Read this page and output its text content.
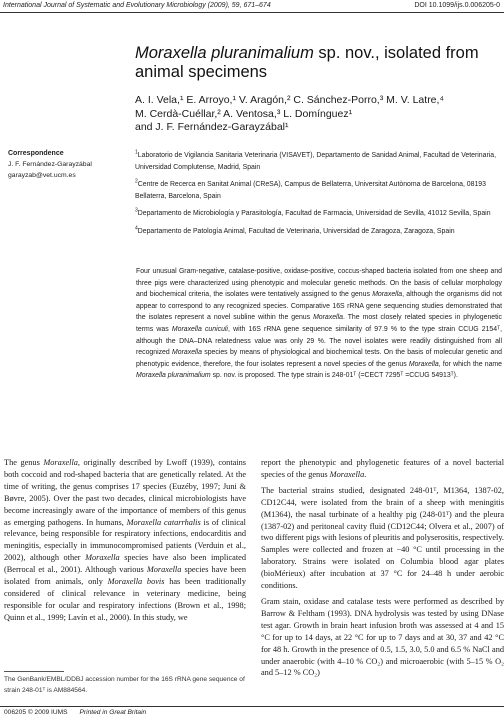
International Journal of Systematic and Evolutionary Microbiology (2009), 59, 671–674	DOI 10.1099/ijs.0.006205-0
Moraxella pluranimalium sp. nov., isolated from animal specimens
A. I. Vela,¹ E. Arroyo,¹ V. Aragón,² C. Sánchez-Porro,³ M. V. Latre,⁴
M. Cerdà-Cuéllar,² A. Ventosa,³ L. Domínguez¹
and J. F. Fernández-Garayzábal¹
Correspondence
J. F. Fernández-Garayzábal
garayzab@vet.ucm.es
$^1$Laboratorio de Vigilancia Sanitaria Veterinaria (VISAVET), Departamento de Sanidad Animal, Facultad de Veterinaria, Universidad Complutense, Madrid, Spain
$^2$Centre de Recerca en Sanitat Animal (CReSA), Campus de Bellaterra, Universitat Autònoma de Barcelona, 08193 Bellaterra, Barcelona, Spain
$^3$Departamento de Microbiología y Parasitología, Facultad de Farmacia, Universidad de Sevilla, 41012 Sevilla, Spain
$^4$Departamento de Patología Animal, Facultad de Veterinaria, Universidad de Zaragoza, Zaragoza, Spain
Four unusual Gram-negative, catalase-positive, oxidase-positive, coccus-shaped bacteria isolated from one sheep and three pigs were characterized using phenotypic and molecular genetic methods. On the basis of cellular morphology and biochemical criteria, the isolates were tentatively assigned to the genus Moraxella, although the organisms did not appear to correspond to any recognized species. Comparative 16S rRNA gene sequencing studies demonstrated that the isolates represent a novel subline within the genus Moraxella. The most closely related species in phylogenetic terms was Moraxella cuniculi, with 16S rRNA gene sequence similarity of 97.9 % to the type strain CCUG 2154ᵀ, although the DNA–DNA relatedness value was only 29 %. The novel isolates were readily distinguished from all recognized Moraxella species by means of physiological and biochemical tests. On the basis of molecular genetic and phenotypic evidence, therefore, the four isolates represent a novel species of the genus Moraxella, for which the name Moraxella pluranimalium sp. nov. is proposed. The type strain is 248-01ᵀ (=CECT 7295ᵀ =CCUG 54913ᵀ).

The genus Moraxella, originally described by Lwoff (1939), contains both coccoid and rod-shaped bacteria that are genetically related. At the time of writing, the genus comprises 17 species (Euzéby, 1997; Juni & Bøvre, 2005). Over the past two decades, clinical microbiologists have become increasingly aware of the importance of members of this genus as emerging pathogens. In humans, Moraxella catarrhalis is of clinical relevance, being responsible for respiratory infections, endocarditis and meningitis, especially in immunocompromised patients (Verduin et al., 2002), although other Moraxella species have also been implicated (Berrocal et al., 2001). Although various Moraxella species have been isolated from animals, only Moraxella bovis has been traditionally considered of clinical relevance in veterinary medicine, being responsible for ocular and respiratory infections (Brown et al., 1998; Quinn et al., 1999; Lavín et al., 2000). In this study, we

report the phenotypic and phylogenetic features of a novel bacterial species of the genus Moraxella.

The bacterial strains studied, designated 248-01ᵀ, M1364, 1387-02, CD12C44, were isolated from the brain of a sheep with meningitis (M1364), the nasal turbinate of a healthy pig (248-01ᵀ) and the pleura (1387-02) and peritoneal cavity fluid (CD12C44; Olvera et al., 2007) of two different pigs with lesions of pleuritis and polyserositis, respectively. Samples were collected and frozen at −40 °C until processing in the laboratory. Strains were isolated on Columbia blood agar plates (bioMérieux) after incubation at 37 °C for 24–48 h under aerobic conditions.

Gram stain, oxidase and catalase tests were performed as described by Barrow & Feltham (1993). DNA hydrolysis was tested by using DNase test agar. Growth in brain heart infusion broth was assessed at 4 and 15 °C for up to 14 days, at 22 °C for up to 7 days and at 30, 37 and 42 °C for 48 h. Growth in the presence of 0.5, 1.5, 3.0, 5.0 and 6.5 % NaCl and under anaerobic (with 4–10 % CO₂) and microaerobic (with 5–15 % O₂ and 5–12 % CO₂)

The GenBank/EMBL/DDBJ accession number for the 16S rRNA gene sequence of strain 248-01ᵀ is AM884564.
006205 © 2009 IUMS Printed in Great Britain
